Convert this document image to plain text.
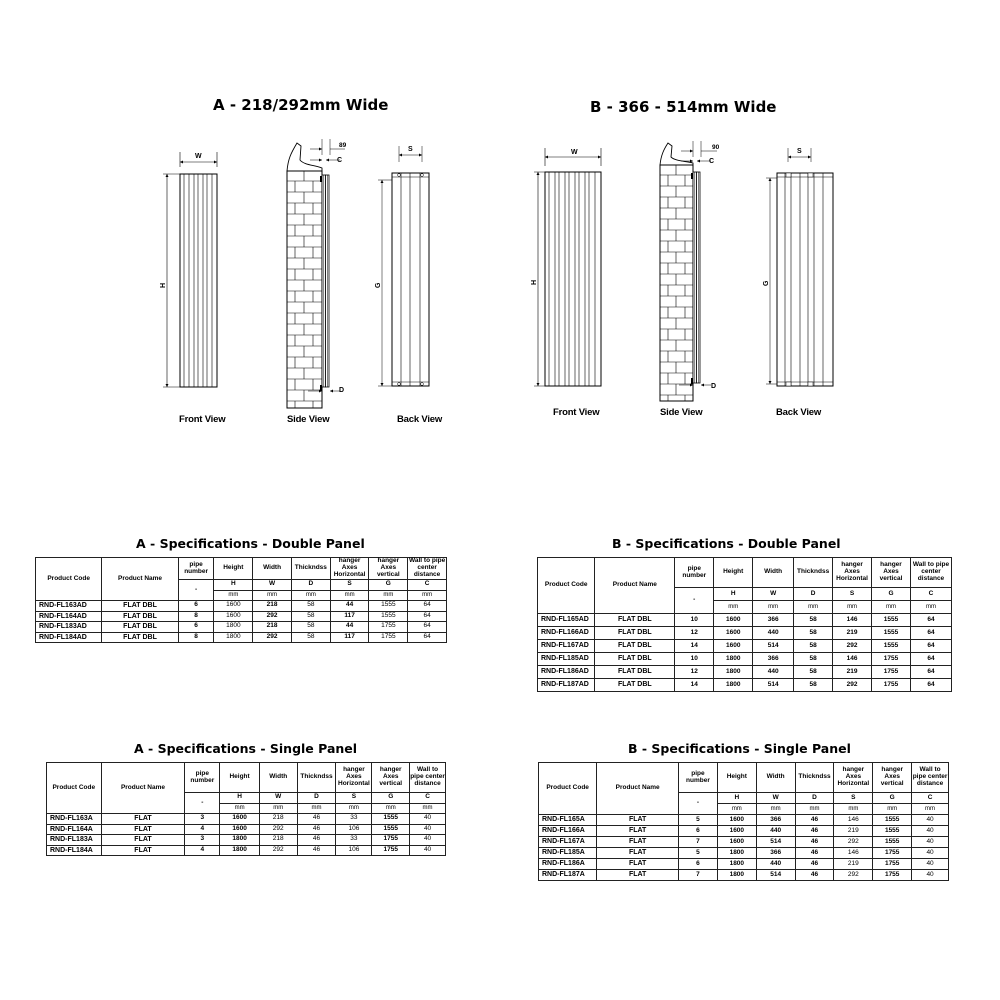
A - 218/292mm Wide
W
H
Front View
89
C
D
Side View
S
G
Back View
B - 366 - 514mm Wide
W
H
Front View
90
C
D
Side View
S
G
Back View
A - Specifications - Double Panel	B - Specifications - Double Panel
A - Specifications - Single Panel	B - Specifications - Single Panel
Product Code	Product Name	pipe number	Height	Width	Thickndss	hanger Axes Horizontal	hanger Axes vertical	Wall to pipe center distance
		-	H	W	D	S	G	C
			mm	mm	mm	mm	mm	mm
RND-FL163AD	FLAT DBL	6	1600	218	58	44	1555	64
RND-FL164AD	FLAT DBL	8	1600	292	58	117	1555	64
RND-FL183AD	FLAT DBL	6	1800	218	58	44	1755	64
RND-FL184AD	FLAT DBL	8	1800	292	58	117	1755	64
Product Code	Product Name	pipe number	Height	Width	Thickndss	hanger Axes Horizontal	hanger Axes vertical	Wall to pipe center distance
		-	H	W	D	S	G	C
			mm	mm	mm	mm	mm	mm
RND-FL165AD	FLAT DBL	10	1600	366	58	146	1555	64
RND-FL166AD	FLAT DBL	12	1600	440	58	219	1555	64
RND-FL167AD	FLAT DBL	14	1600	514	58	292	1555	64
RND-FL185AD	FLAT DBL	10	1800	366	58	146	1755	64
RND-FL186AD	FLAT DBL	12	1800	440	58	219	1755	64
RND-FL187AD	FLAT DBL	14	1800	514	58	292	1755	64
Product Code	Product Name	pipe number	Height	Width	Thickndss	hanger Axes Horizontal	hanger Axes vertical	Wall to pipe center distance
		-	H	W	D	S	G	C
			mm	mm	mm	mm	mm	mm
RND-FL163A	FLAT	3	1600	218	46	33	1555	40
RND-FL164A	FLAT	4	1600	292	46	106	1555	40
RND-FL183A	FLAT	3	1800	218	46	33	1755	40
RND-FL184A	FLAT	4	1800	292	46	106	1755	40
Product Code	Product Name	pipe number	Height	Width	Thickndss	hanger Axes Horizontal	hanger Axes vertical	Wall to pipe center distance
		-	H	W	D	S	G	C
			mm	mm	mm	mm	mm	mm
RND-FL165A	FLAT	5	1600	366	46	146	1555	40
RND-FL166A	FLAT	6	1600	440	46	219	1555	40
RND-FL167A	FLAT	7	1600	514	46	292	1555	40
RND-FL185A	FLAT	5	1800	366	46	146	1755	40
RND-FL186A	FLAT	6	1800	440	46	219	1755	40
RND-FL187A	FLAT	7	1800	514	46	292	1755	40
